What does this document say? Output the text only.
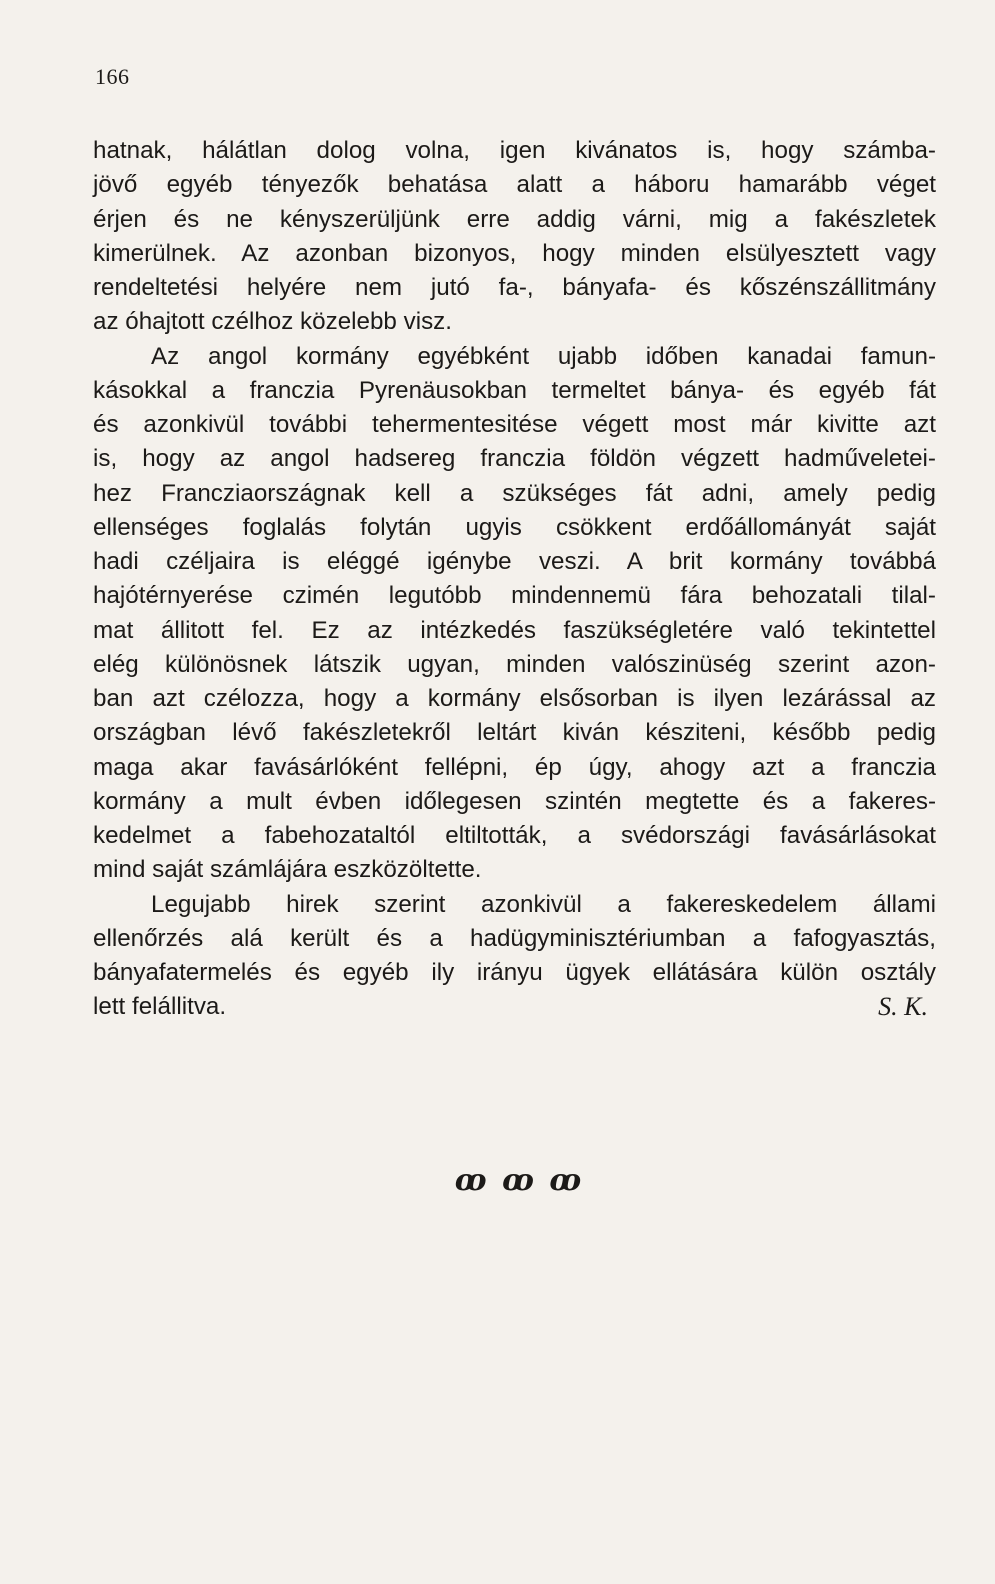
166
hatnak, hálátlan dolog volna, igen kivánatos is, hogy számba-
jövő egyéb tényezők behatása alatt a háboru hamarább véget
érjen és ne kényszerüljünk erre addig várni, mig a fakészletek
kimerülnek. Az azonban bizonyos, hogy minden elsülyesztett vagy
rendeltetési helyére nem jutó fa-, bányafa- és kőszénszállitmány
az óhajtott czélhoz közelebb visz.
Az angol kormány egyébként ujabb időben kanadai famun-
kásokkal a franczia Pyrenäusokban termeltet bánya- és egyéb fát
és azonkivül további tehermentesitése végett most már kivitte azt
is, hogy az angol hadsereg franczia földön végzett hadműveletei-
hez Francziaországnak kell a szükséges fát adni, amely pedig
ellenséges foglalás folytán ugyis csökkent erdőállományát saját
hadi czéljaira is eléggé igénybe veszi. A brit kormány továbbá
hajótérnyerése czimén legutóbb mindennemü fára behozatali tilal-
mat állitott fel. Ez az intézkedés faszükségletére való tekintettel
elég különösnek látszik ugyan, minden valószinüség szerint azon-
ban azt czélozza, hogy a kormány elsősorban is ilyen lezárással az
országban lévő fakészletekről leltárt kiván késziteni, később pedig
maga akar favásárlóként fellépni, ép úgy, ahogy azt a franczia
kormány a mult évben időlegesen szintén megtette és a fakeres-
kedelmet a fabehozataltól eltiltották, a svédországi favásárlásokat
mind saját számlájára eszközöltette.
Legujabb hirek szerint azonkivül a fakereskedelem állami
ellenőrzés alá került és a hadügyminisztériumban a fafogyasztás,
bányafatermelés és egyéb ily irányu ügyek ellátására külön osztály
lett felállitva.	S. K.
ꝏ ꝏ ꝏ
